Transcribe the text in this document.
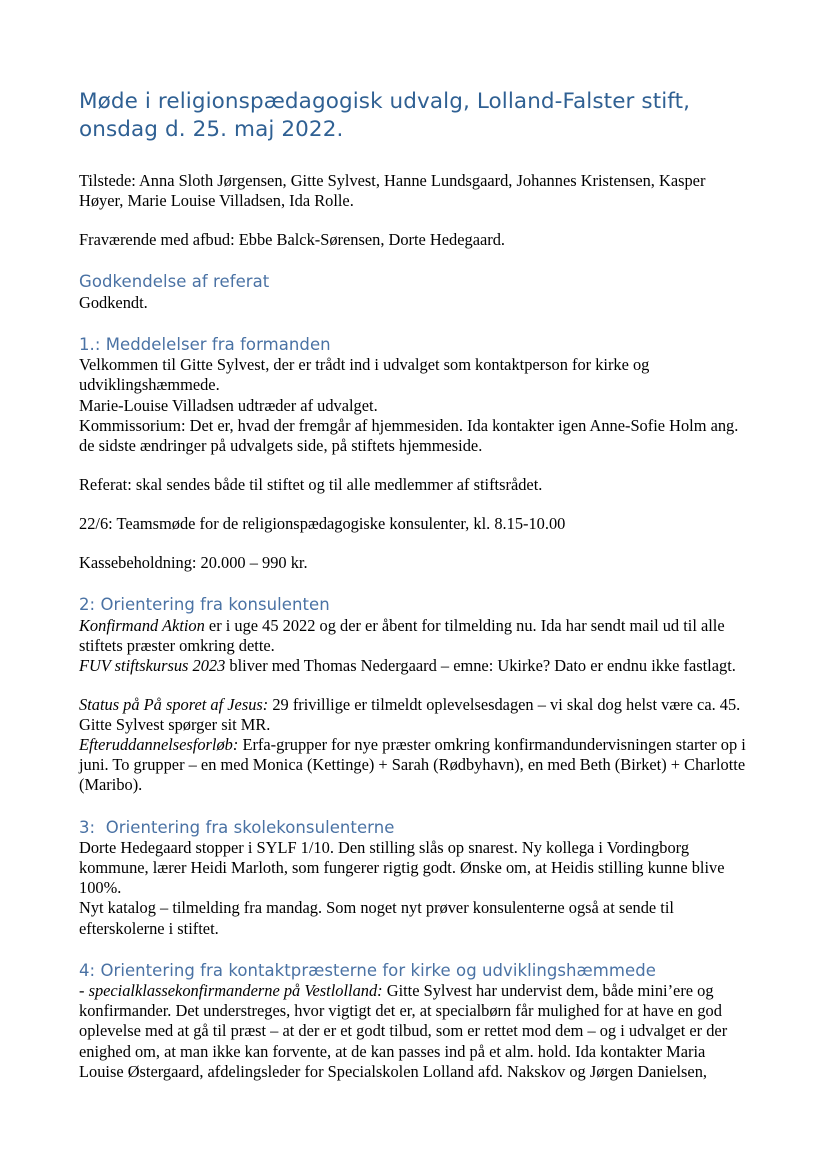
Møde i religionspædagogisk udvalg, Lolland-Falster stift, onsdag d. 25. maj 2022.

Tilstede: Anna Sloth Jørgensen, Gitte Sylvest, Hanne Lundsgaard, Johannes Kristensen, Kasper Høyer, Marie Louise Villadsen, Ida Rolle.

Fraværende med afbud: Ebbe Balck-Sørensen, Dorte Hedegaard.

Godkendelse af referat

Godkendt.

1.: Meddelelser fra formanden

Velkommen til Gitte Sylvest, der er trådt ind i udvalget som kontaktperson for kirke og udviklingshæmmede.

Marie-Louise Villadsen udtræder af udvalget.

Kommissorium: Det er, hvad der fremgår af hjemmesiden. Ida kontakter igen Anne-Sofie Holm ang. de sidste ændringer på udvalgets side, på stiftets hjemmeside.

Referat: skal sendes både til stiftet og til alle medlemmer af stiftsrådet.

22/6: Teamsmøde for de religionspædagogiske konsulenter, kl. 8.15-10.00

Kassebeholdning: 20.000 – 990 kr.

2: Orientering fra konsulenten

Konfirmand Aktion er i uge 45 2022 og der er åbent for tilmelding nu. Ida har sendt mail ud til alle stiftets præster omkring dette.

FUV stiftskursus 2023 bliver med Thomas Nedergaard – emne: Ukirke? Dato er endnu ikke fastlagt.

Status på På sporet af Jesus: 29 frivillige er tilmeldt oplevelsesdagen – vi skal dog helst være ca. 45. Gitte Sylvest spørger sit MR.

Efteruddannelsesforløb: Erfa-grupper for nye præster omkring konfirmandundervisningen starter op i juni. To grupper – en med Monica (Kettinge) + Sarah (Rødbyhavn), en med Beth (Birket) + Charlotte (Maribo).

3:  Orientering fra skolekonsulenterne

Dorte Hedegaard stopper i SYLF 1/10. Den stilling slås op snarest. Ny kollega i Vordingborg kommune, lærer Heidi Marloth, som fungerer rigtig godt. Ønske om, at Heidis stilling kunne blive 100%.

Nyt katalog – tilmelding fra mandag. Som noget nyt prøver konsulenterne også at sende til efterskolerne i stiftet.

4: Orientering fra kontaktpræsterne for kirke og udviklingshæmmede

- specialklassekonfirmanderne på Vestlolland: Gitte Sylvest har undervist dem, både mini’ere og konfirmander. Det understreges, hvor vigtigt det er, at specialbørn får mulighed for at have en god oplevelse med at gå til præst – at der er et godt tilbud, som er rettet mod dem – og i udvalget er der enighed om, at man ikke kan forvente, at de kan passes ind på et alm. hold. Ida kontakter Maria Louise Østergaard, afdelingsleder for Specialskolen Lolland afd. Nakskov og Jørgen Danielsen,
